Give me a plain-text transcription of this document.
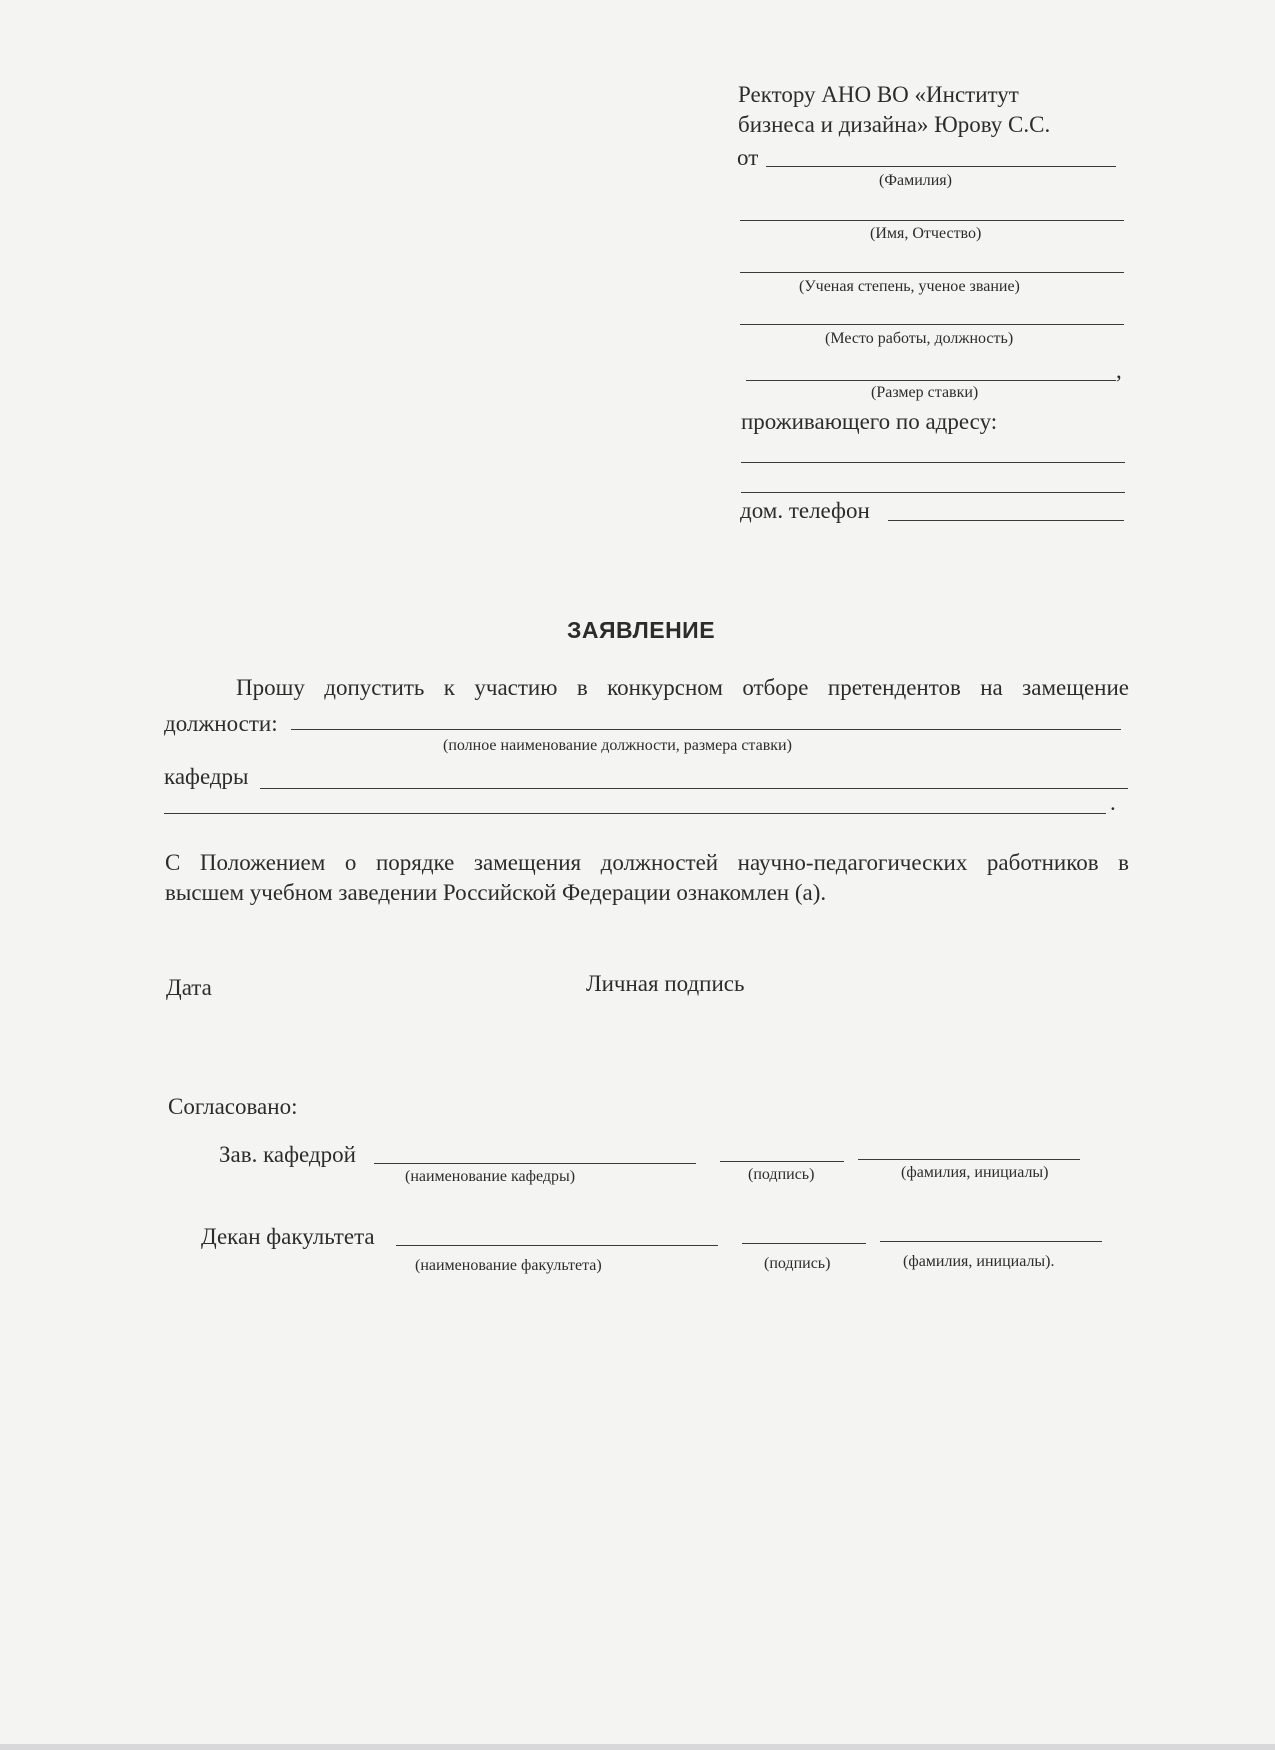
Ректору АНО ВО «Институт
бизнеса и дизайна» Юрову С.С.
от
(Фамилия)
(Имя, Отчество)
(Ученая степень, ученое звание)
(Место работы, должность)
,
(Размер ставки)
проживающего по адресу:
дом. телефон
ЗАЯВЛЕНИЕ
Прошу допустить к участию в конкурсном отборе претендентов на замещение
должности:
(полное наименование должности, размера ставки)
кафедры
.
С Положением о порядке замещения должностей научно-педагогических работников в
высшем учебном заведении Российской Федерации ознакомлен (а).
Дата	Личная подпись
Согласовано:
Зав. кафедрой
(наименование кафедры)	(подпись)	(фамилия, инициалы)
Декан факультета
(наименование факультета)	(подпись)	(фамилия, инициалы).
